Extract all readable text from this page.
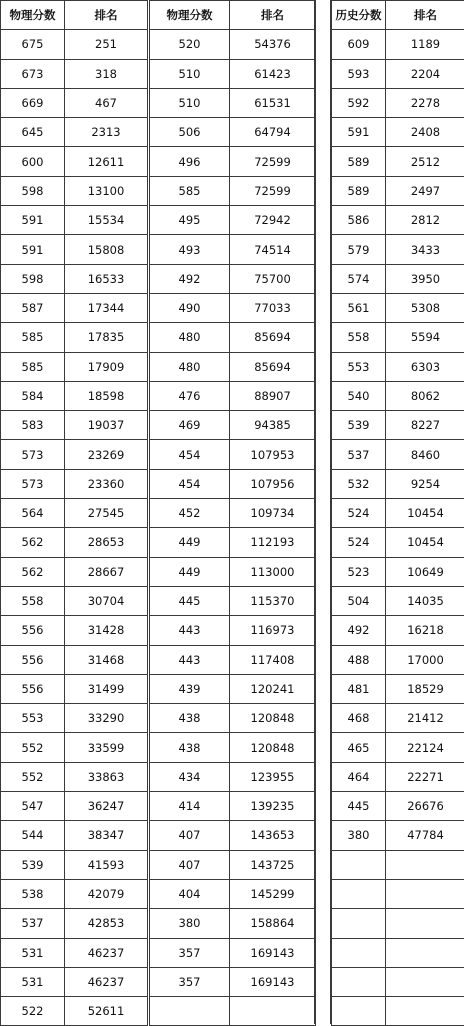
物理分数	排名
675	251
673	318
669	467
645	2313
600	12611
598	13100
591	15534
591	15808
598	16533
587	17344
585	17835
585	17909
584	18598
583	19037
573	23269
573	23360
564	27545
562	28653
562	28667
558	30704
556	31428
556	31468
556	31499
553	33290
552	33599
552	33863
547	36247
544	38347
539	41593
538	42079
537	42853
531	46237
531	46237
522	52611
物理分数	排名
520	54376
510	61423
510	61531
506	64794
496	72599
585	72599
495	72942
493	74514
492	75700
490	77033
480	85694
480	85694
476	88907
469	94385
454	107953
454	107956
452	109734
449	112193
449	113000
445	115370
443	116973
443	117408
439	120241
438	120848
438	120848
434	123955
414	139235
407	143653
407	143725
404	145299
380	158864
357	169143
357	169143

历史分数	排名
609	1189
593	2204
592	2278
591	2408
589	2512
589	2497
586	2812
579	3433
574	3950
561	5308
558	5594
553	6303
540	8062
539	8227
537	8460
532	9254
524	10454
524	10454
523	10649
504	14035
492	16218
488	17000
481	18529
468	21412
465	22124
464	22271
445	26676
380	47784
